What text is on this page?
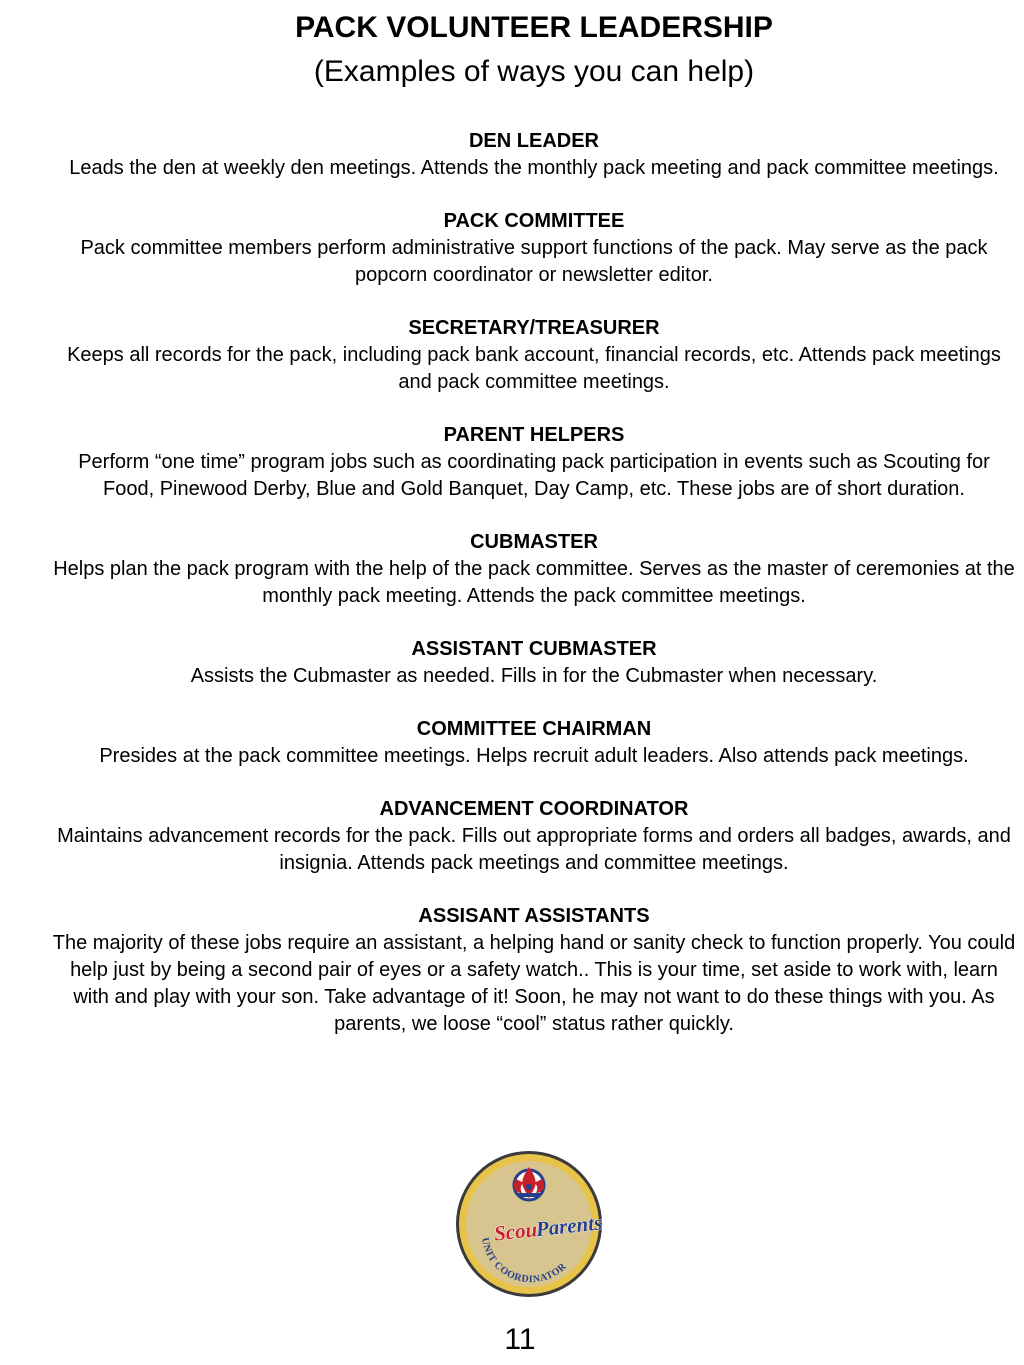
PACK VOLUNTEER LEADERSHIP
(Examples of ways you can help)
DEN LEADER
Leads the den at weekly den meetings. Attends the monthly pack meeting and pack committee meetings.
PACK COMMITTEE
Pack committee members perform administrative support functions of the pack. May serve as the pack popcorn coordinator or newsletter editor.
SECRETARY/TREASURER
Keeps all records for the pack, including pack bank account, financial records, etc. Attends pack meetings and pack committee meetings.
PARENT HELPERS
Perform “one time” program jobs such as coordinating pack participation in events such as Scouting for Food, Pinewood Derby, Blue and Gold Banquet, Day Camp, etc. These jobs are of short duration.
CUBMASTER
Helps plan the pack program with the help of the pack committee. Serves as the master of ceremonies at the monthly pack meeting. Attends the pack committee meetings.
ASSISTANT CUBMASTER
Assists the Cubmaster as needed. Fills in for the Cubmaster when necessary.
COMMITTEE CHAIRMAN
Presides at the pack committee meetings. Helps recruit adult leaders. Also attends pack meetings.
ADVANCEMENT COORDINATOR
Maintains advancement records for the pack. Fills out appropriate forms and orders all badges, awards, and insignia. Attends pack meetings and committee meetings.
ASSISANT ASSISTANTS
The majority of these jobs require an assistant, a helping hand or sanity check to function properly. You could help just by being a second pair of eyes or a safety watch.. This is your time, set aside to work with, learn with and play with your son. Take advantage of it! Soon, he may not want to do these things with you. As parents, we loose “cool” status rather quickly.
Scout
Parents
UNIT COORDINATOR
11
